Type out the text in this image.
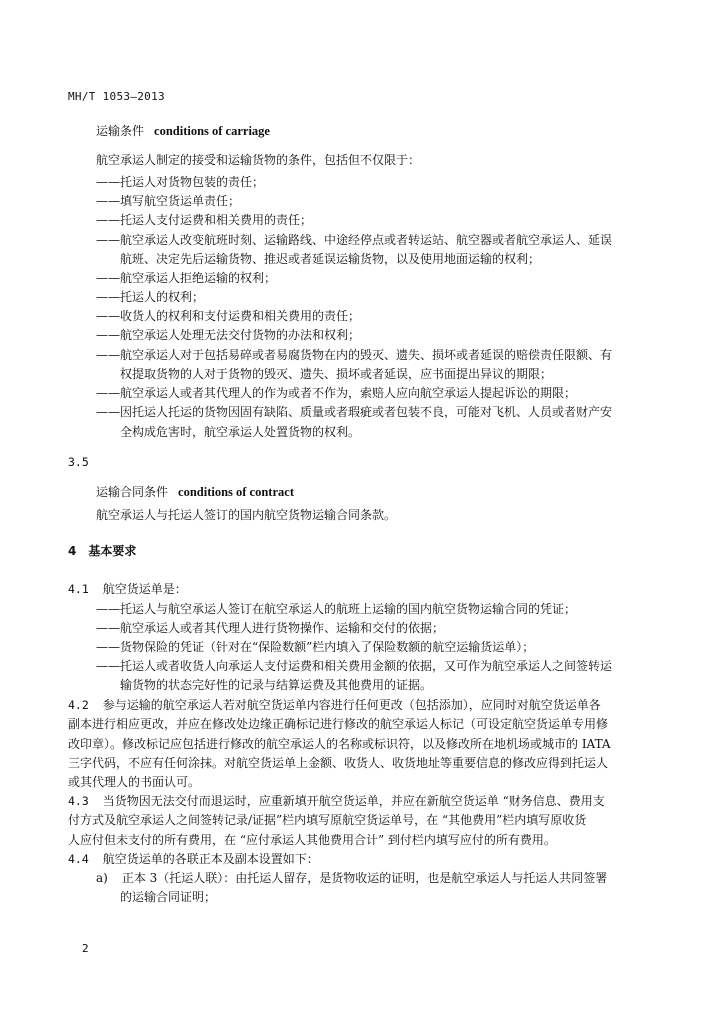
MH/T 1053—2013
运输条件 conditions of carriage
航空承运人制定的接受和运输货物的条件，包括但不仅限于：
——托运人对货物包装的责任；
——填写航空货运单责任；
——托运人支付运费和相关费用的责任；
——航空承运人改变航班时刻、运输路线、中途经停点或者转运站、航空器或者航空承运人、延误
航班、决定先后运输货物、推迟或者延误运输货物，以及使用地面运输的权利；
——航空承运人拒绝运输的权利；
——托运人的权利；
——收货人的权利和支付运费和相关费用的责任；
——航空承运人处理无法交付货物的办法和权利；
——航空承运人对于包括易碎或者易腐货物在内的毁灭、遗失、损坏或者延误的赔偿责任限额、有
权提取货物的人对于货物的毁灭、遗失、损坏或者延误，应书面提出异议的期限；
——航空承运人或者其代理人的作为或者不作为，索赔人应向航空承运人提起诉讼的期限；
——因托运人托运的货物因固有缺陷、质量或者瑕疵或者包装不良，可能对飞机、人员或者财产安
全构成危害时，航空承运人处置货物的权利。
3.5
运输合同条件 conditions of contract
航空承运人与托运人签订的国内航空货物运输合同条款。
4 基本要求
4.1 航空货运单是：
——托运人与航空承运人签订在航空承运人的航班上运输的国内航空货物运输合同的凭证；
——航空承运人或者其代理人进行货物操作、运输和交付的依据；
——货物保险的凭证（针对在“保险数额”栏内填入了保险数额的航空运输货运单）；
——托运人或者收货人向承运人支付运费和相关费用金额的依据，又可作为航空承运人之间签转运
输货物的状态完好性的记录与结算运费及其他费用的证据。
4.2 参与运输的航空承运人若对航空货运单内容进行任何更改（包括添加），应同时对航空货运单各
副本进行相应更改，并应在修改处边缘正确标记进行修改的航空承运人标记（可设定航空货运单专用修
改印章）。修改标记应包括进行修改的航空承运人的名称或标识符，以及修改所在地机场或城市的 IATA
三字代码，不应有任何涂抹。对航空货运单上金额、收货人、收货地址等重要信息的修改应得到托运人
或其代理人的书面认可。
4.3 当货物因无法交付而退运时，应重新填开航空货运单，并应在新航空货运单 “财务信息、费用支
付方式及航空承运人之间签转记录/证据”栏内填写原航空货运单号，在 “其他费用”栏内填写原收货
人应付但未支付的所有费用，在 “应付承运人其他费用合计” 到付栏内填写应付的所有费用。
4.4 航空货运单的各联正本及副本设置如下：
a) 正本 3（托运人联）：由托运人留存，是货物收运的证明，也是航空承运人与托运人共同签署
的运输合同证明；
2
